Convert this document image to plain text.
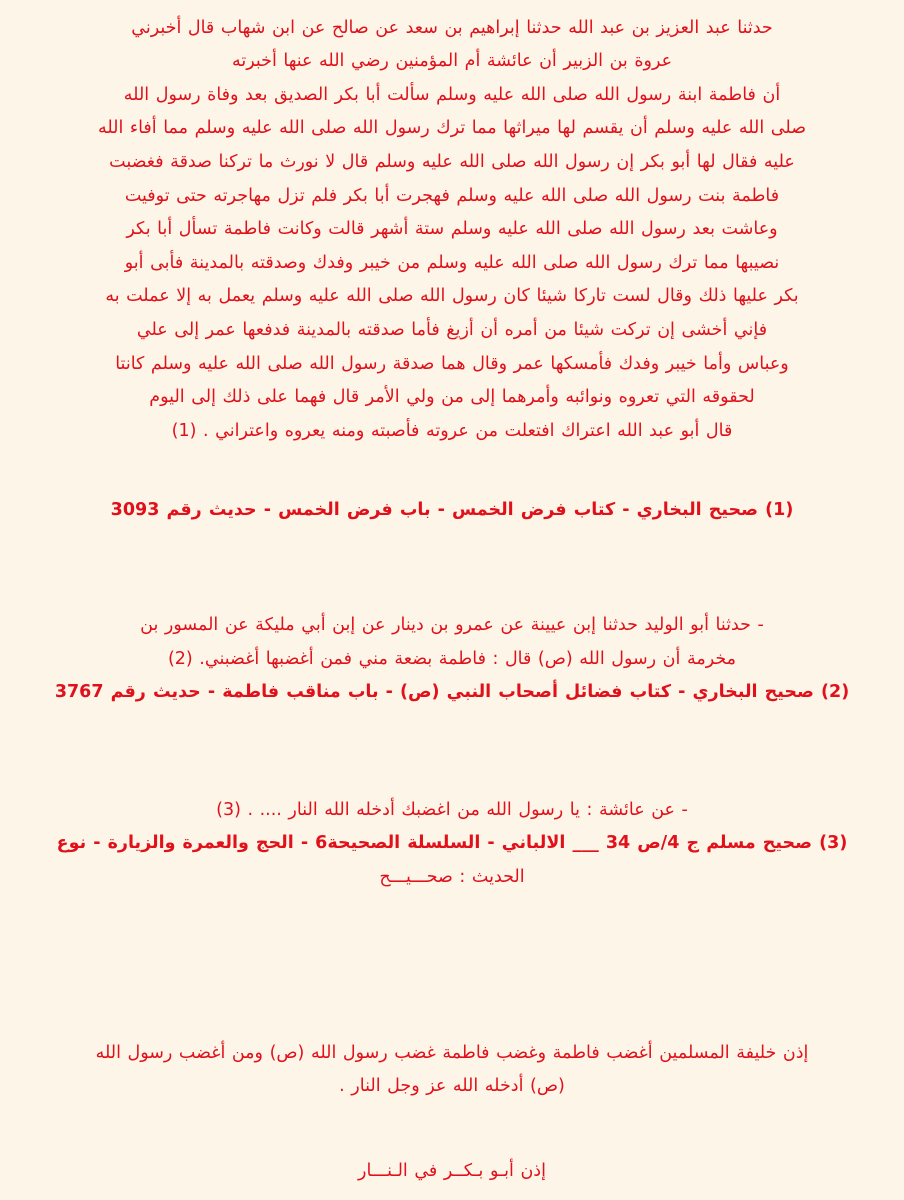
حدثنا عبد العزيز بن عبد الله حدثنا إبراهيم بن سعد عن صالح عن ابن شهاب قال أخبرني
عروة بن الزبير أن عائشة أم المؤمنين رضي الله عنها أخبرته
أن فاطمة ابنة رسول الله صلى الله عليه وسلم سألت أبا بكر الصديق بعد وفاة رسول الله
صلى الله عليه وسلم أن يقسم لها ميراثها مما ترك رسول الله صلى الله عليه وسلم مما أفاء الله
عليه فقال لها أبو بكر إن رسول الله صلى الله عليه وسلم قال لا نورث ما تركنا صدقة فغضبت
فاطمة بنت رسول الله صلى الله عليه وسلم فهجرت أبا بكر فلم تزل مهاجرته حتى توفيت
وعاشت بعد رسول الله صلى الله عليه وسلم ستة أشهر قالت وكانت فاطمة تسأل أبا بكر
نصيبها مما ترك رسول الله صلى الله عليه وسلم من خيبر وفدك وصدقته بالمدينة فأبى أبو
بكر عليها ذلك وقال لست تاركا شيئا كان رسول الله صلى الله عليه وسلم يعمل به إلا عملت به
فإني أخشى إن تركت شيئا من أمره أن أزيغ فأما صدقته بالمدينة فدفعها عمر إلى علي
وعباس وأما خيبر وفدك فأمسكها عمر وقال هما صدقة رسول الله صلى الله عليه وسلم كانتا
لحقوقه التي تعروه ونوائبه وأمرهما إلى من ولي الأمر قال فهما على ذلك إلى اليوم
قال أبو عبد الله اعتراك افتعلت من عروته فأصبته ومنه يعروه واعتراني . (1)
(1) صحيح البخاري - كتاب فرض الخمس - باب فرض الخمس - حديث رقم 3093
- حدثنا أبو الوليد حدثنا إبن عيينة عن عمرو بن دينار عن إبن أبي مليكة عن المسور بن
مخرمة أن رسول الله (ص) قال : فاطمة بضعة مني فمن أغضبها أغضبني. (2)
(2) صحيح البخاري - كتاب فضائل أصحاب النبي (ص) - باب مناقب فاطمة - حديث رقم 3767
- عن عائشة : يا رسول الله من اغضبك أدخله الله النار .... . (3)
(3) صحيح مسلم ج 4/ص 34 ___ الالباني - السلسلة الصحيحة6 - الحج والعمرة والزيارة - نوع
الحديث : صحـــيـــح
إذن خليفة المسلمين أغضب فاطمة وغضب فاطمة غضب رسول الله (ص) ومن أغضب رسول الله
(ص) أدخله الله عز وجل النار .
إذن أبـو بـكــر في الـنـــار
